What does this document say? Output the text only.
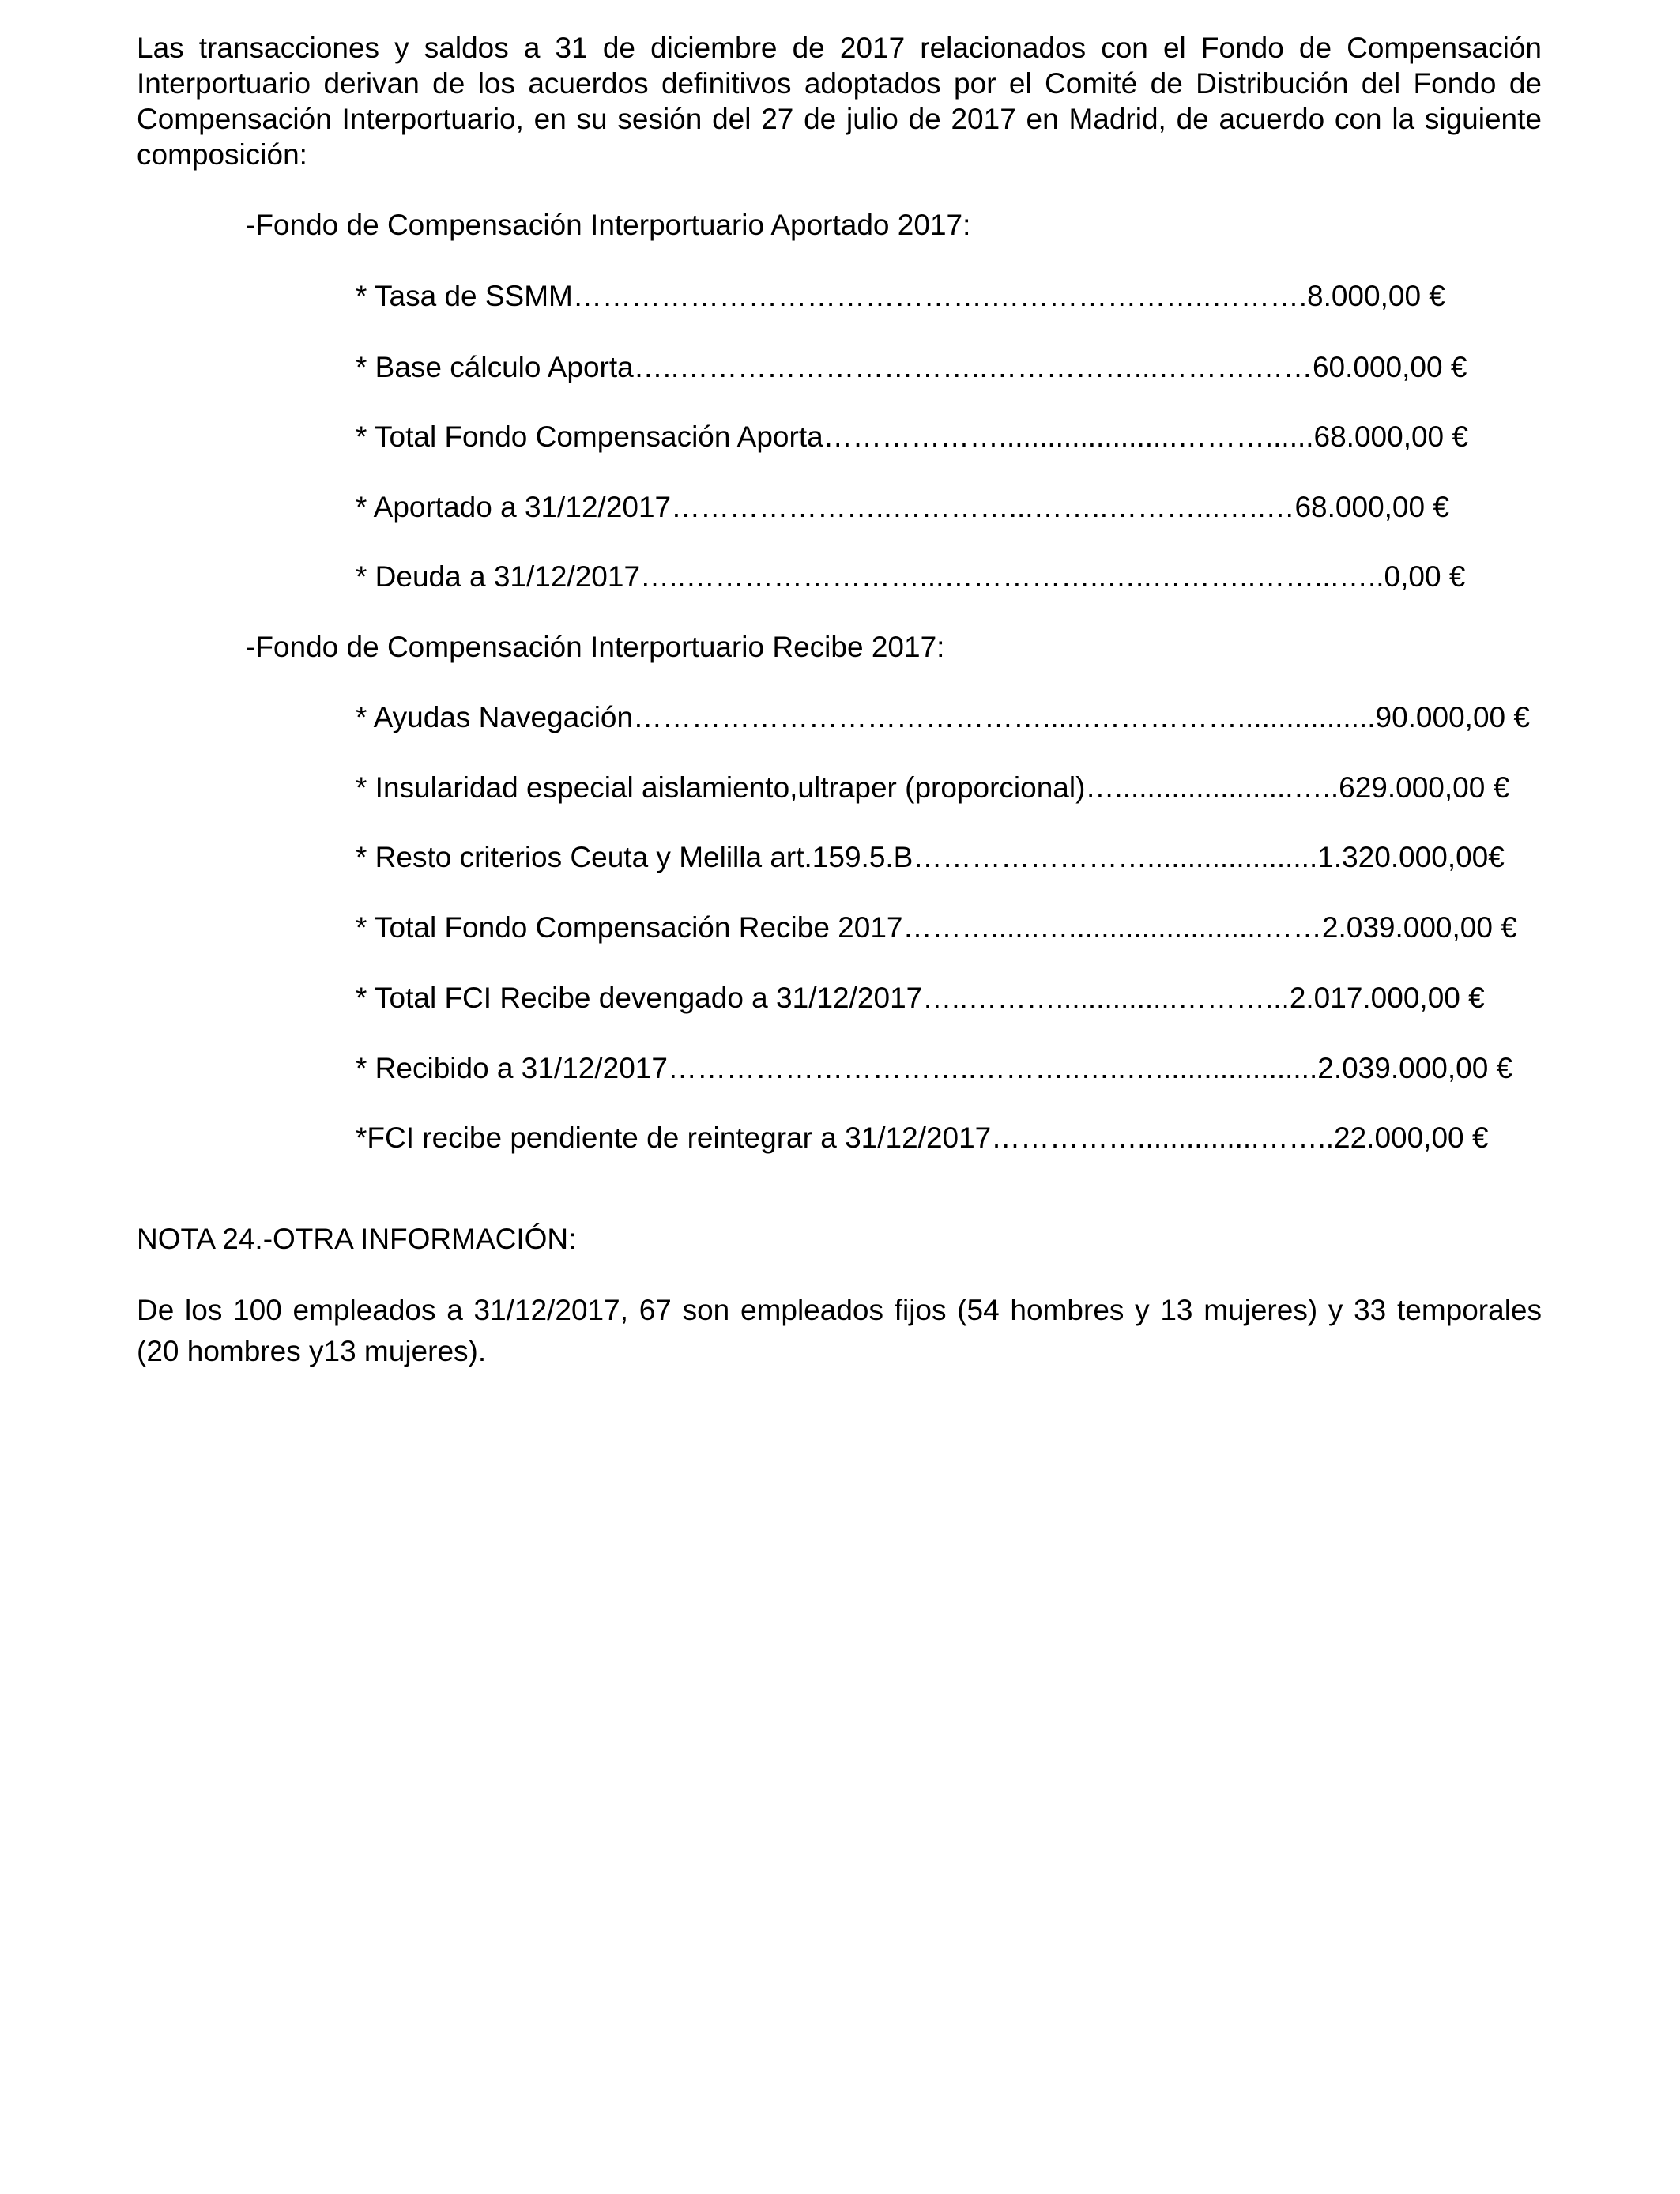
Las transacciones y saldos a 31 de diciembre de 2017 relacionados con el Fondo de Compensación Interportuario derivan de los acuerdos definitivos adoptados por el Comité de Distribución del Fondo de Compensación Interportuario, en su sesión del 27 de julio de 2017 en Madrid, de acuerdo con la siguiente composición:

-Fondo de Compensación Interportuario Aportado 2017:

* Tasa de SSMM…………………………………….…………………..……….8.000,00 €

* Base cálculo Aporta…..…………………………..……………...……….……60.000,00 €

* Total Fondo Compensación Aporta………………......................………......68.000,00 €

* Aportado a 31/12/2017…………………..…………...……..………...…..…68.000,00 €

* Deuda a 31/12/2017…..……………………...……………..…..………..……...…..0,00 €

-Fondo de Compensación Interportuario Recibe 2017:

* Ayudas Navegación……………………………………......…………….................90.000,00 €

* Insularidad especial aislamiento,ultraper (proporcional)…......................…..629.000,00 €

* Resto criterios Ceuta y Melilla art.159.5.B…………………….....................1.320.000,00€

* Total Fondo Compensación Recibe 2017………......…........................……2.039.000,00 €

* Total FCI Recibe devengado a 31/12/2017…..………...............………...2.017.000,00 €

* Recibido a 31/12/2017…………………………..………..…..…....................2.039.000,00 €

*FCI recibe pendiente de reintegrar a 31/12/2017……………...............……..22.000,00 €

NOTA 24.-OTRA INFORMACIÓN:

De los 100 empleados a 31/12/2017, 67 son empleados fijos (54 hombres y 13 mujeres) y 33 temporales (20 hombres y13 mujeres).
